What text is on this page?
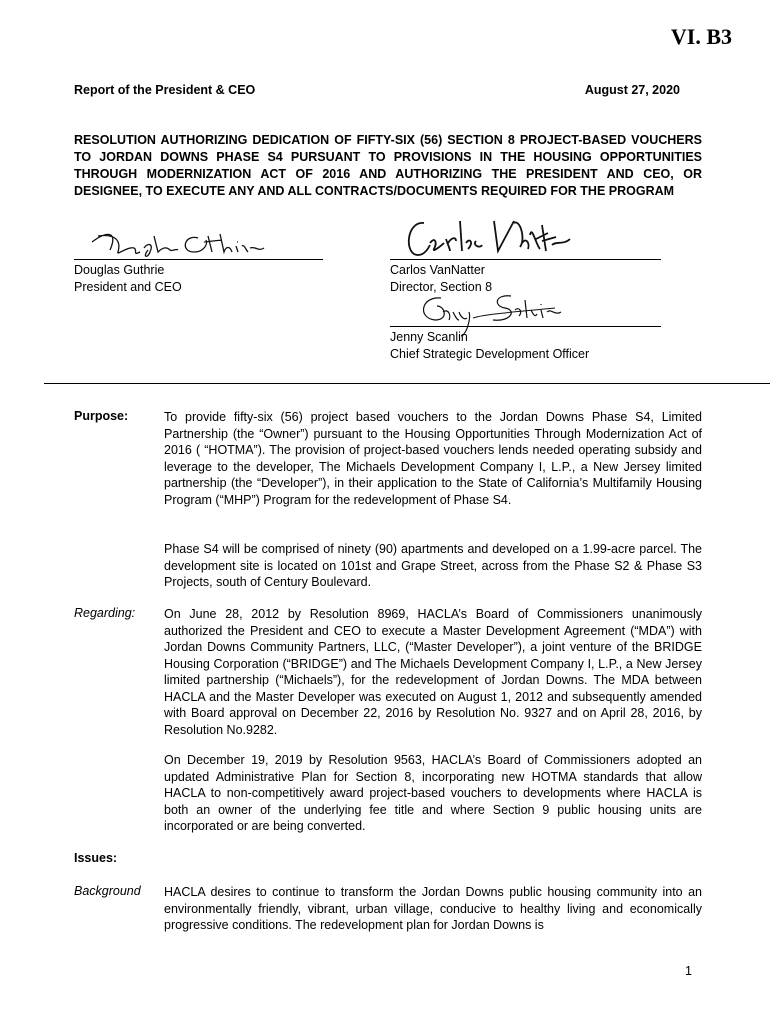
VI. B3
Report of the President & CEO	August 27, 2020

RESOLUTION AUTHORIZING DEDICATION OF FIFTY-SIX (56) SECTION 8 PROJECT-BASED VOUCHERS TO JORDAN DOWNS PHASE S4 PURSUANT TO PROVISIONS IN THE HOUSING OPPORTUNITIES THROUGH MODERNIZATION ACT OF 2016 AND AUTHORIZING THE PRESIDENT AND CEO, OR DESIGNEE, TO EXECUTE ANY AND ALL CONTRACTS/DOCUMENTS REQUIRED FOR THE PROGRAM

Douglas Guthrie
President and CEO
Carlos VanNatter
Director, Section 8
Jenny Scanlin
Chief Strategic Development Officer
Purpose:	To provide fifty-six (56) project based vouchers to the Jordan Downs Phase S4, Limited Partnership (the “Owner”) pursuant to the Housing Opportunities Through Modernization Act of 2016 ( “HOTMA”). The provision of project-based vouchers lends needed operating subsidy and leverage to the developer, The Michaels Development Company I, L.P., a New Jersey limited partnership (the “Developer”), in their application to the State of California’s Multifamily Housing Program (“MHP”) Program for the redevelopment of Phase S4.

Phase S4 will be comprised of ninety (90) apartments and developed on a 1.99-acre parcel. The development site is located on 101st and Grape Street, across from the Phase S2 & Phase S3 Projects, south of Century Boulevard.

Regarding: On June 28, 2012 by Resolution 8969, HACLA’s Board of Commissioners unanimously authorized the President and CEO to execute a Master Development Agreement (“MDA”) with Jordan Downs Community Partners, LLC, (“Master Developer”), a joint venture of the BRIDGE Housing Corporation (“BRIDGE”) and The Michaels Development Company I, L.P., a New Jersey limited partnership (“Michaels”), for the redevelopment of Jordan Downs. The MDA between HACLA and the Master Developer was executed on August 1, 2012 and subsequently amended with Board approval on December 22, 2016 by Resolution No. 9327 and on April 28, 2016, by Resolution No.9282.

On December 19, 2019 by Resolution 9563, HACLA’s Board of Commissioners adopted an updated Administrative Plan for Section 8, incorporating new HOTMA standards that allow HACLA to non-competitively award project-based vouchers to developments where HACLA is both an owner of the underlying fee title and where Section 9 public housing units are incorporated or are being converted.

Issues:
Background HACLA desires to continue to transform the Jordan Downs public housing community into an environmentally friendly, vibrant, urban village, conducive to healthy living and economically progressive conditions. The redevelopment plan for Jordan Downs is

1
